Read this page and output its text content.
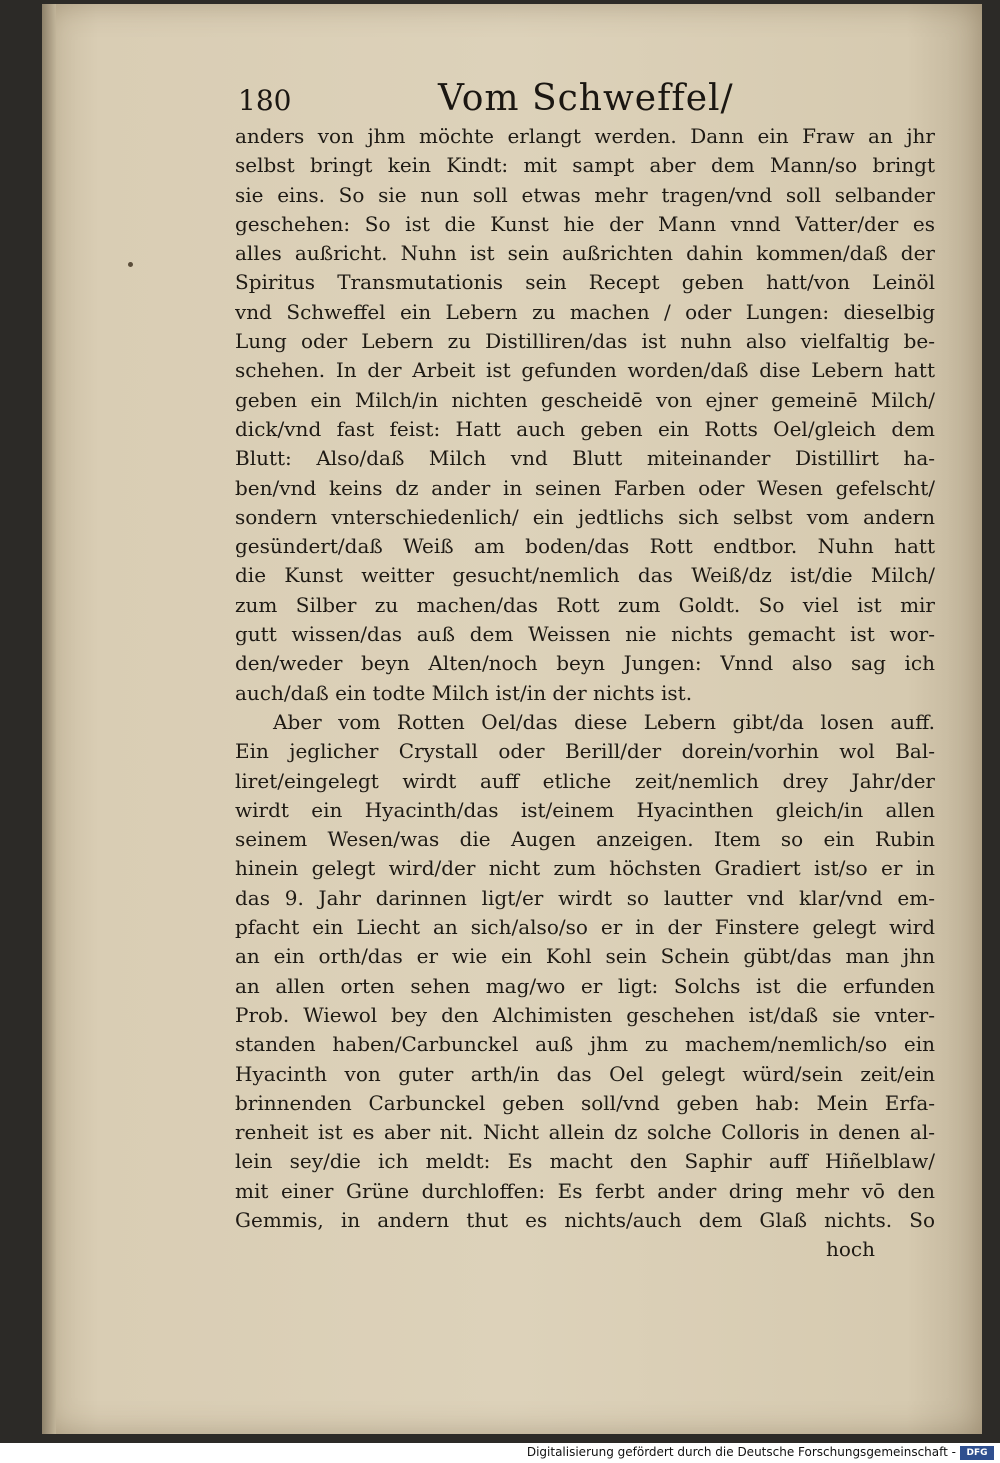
180	Vom Schweffel/
anders von jhm möchte erlangt werden. Dann ein Fraw an jhr
selbst bringt kein Kindt: mit sampt aber dem Mann/so bringt
sie eins. So sie nun soll etwas mehr tragen/vnd soll selbander
geschehen: So ist die Kunst hie der Mann vnnd Vatter/der es
alles außricht. Nuhn ist sein außrichten dahin kommen/daß der
Spiritus Transmutationis sein Recept geben hatt/von Leinöl
vnd Schweffel ein Lebern zu machen / oder Lungen: dieselbig
Lung oder Lebern zu Distilliren/das ist nuhn also vielfaltig be-
schehen. In der Arbeit ist gefunden worden/daß dise Lebern hatt
geben ein Milch/in nichten gescheidē von ejner gemeinē Milch/
dick/vnd fast feist: Hatt auch geben ein Rotts Oel/gleich dem
Blutt: Also/daß Milch vnd Blutt miteinander Distillirt ha-
ben/vnd keins dz ander in seinen Farben oder Wesen gefelscht/
sondern vnterschiedenlich/ ein jedtlichs sich selbst vom andern
gesündert/daß Weiß am boden/das Rott endtbor. Nuhn hatt
die Kunst weitter gesucht/nemlich das Weiß/dz ist/die Milch/
zum Silber zu machen/das Rott zum Goldt. So viel ist mir
gutt wissen/das auß dem Weissen nie nichts gemacht ist wor-
den/weder beyn Alten/noch beyn Jungen: Vnnd also sag ich
auch/daß ein todte Milch ist/in der nichts ist.
Aber vom Rotten Oel/das diese Lebern gibt/da losen auff.
Ein jeglicher Crystall oder Berill/der dorein/vorhin wol Bal-
liret/eingelegt wirdt auff etliche zeit/nemlich drey Jahr/der
wirdt ein Hyacinth/das ist/einem Hyacinthen gleich/in allen
seinem Wesen/was die Augen anzeigen. Item so ein Rubin
hinein gelegt wird/der nicht zum höchsten Gradiert ist/so er in
das 9. Jahr darinnen ligt/er wirdt so lautter vnd klar/vnd em-
pfacht ein Liecht an sich/also/so er in der Finstere gelegt wird
an ein orth/das er wie ein Kohl sein Schein gübt/das man jhn
an allen orten sehen mag/wo er ligt: Solchs ist die erfunden
Prob. Wiewol bey den Alchimisten geschehen ist/daß sie vnter-
standen haben/Carbunckel auß jhm zu machem/nemlich/so ein
Hyacinth von guter arth/in das Oel gelegt würd/sein zeit/ein
brinnenden Carbunckel geben soll/vnd geben hab: Mein Erfa-
renheit ist es aber nit. Nicht allein dz solche Colloris in denen al-
lein sey/die ich meldt: Es macht den Saphir auff Hiñelblaw/
mit einer Grüne durchloffen: Es ferbt ander dring mehr vō den
Gemmis, in andern thut es nichts/auch dem Glaß nichts. So
hoch
Digitalisierung gefördert durch die Deutsche Forschungsgemeinschaft -	DFG
